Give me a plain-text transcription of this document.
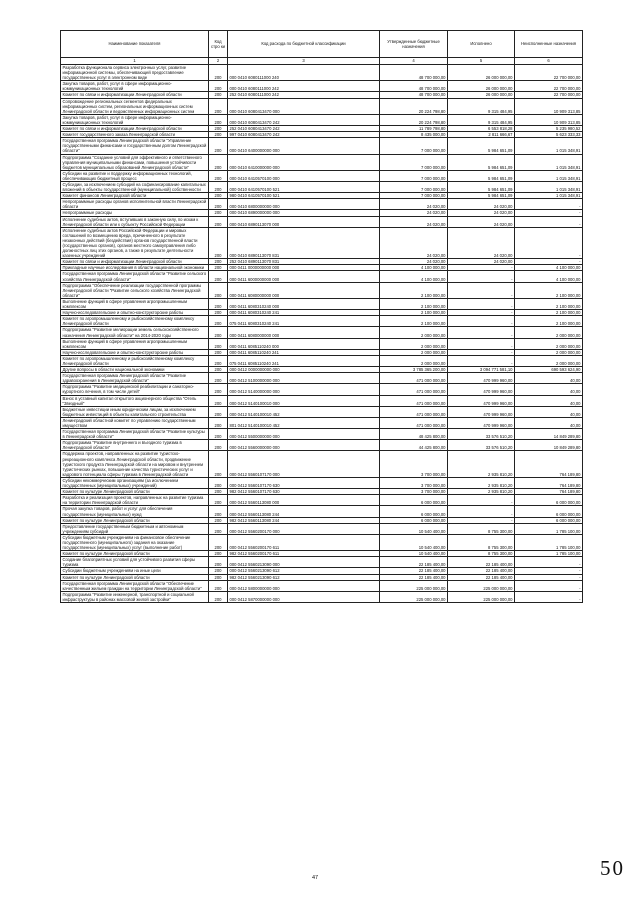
Наименование показателя	Код стро ки	Код расхода по бюджетной классификации	Утвержденные бюджетные назначения	Исполнено	Неисполненные назначения
1	2	3	4	5	6
Разработка функционала сервиса электронных услуг, развитие информационной системы, обеспечивающей предоставление государственных услуг в электронном виде	200	000 0410 6080111000 240	48 700 000,00	26 000 000,00	22 700 000,00
Закупка товаров, работ, услуг в сфере информационно-коммуникационных технологий	200	000 0410 6080111000 242	48 700 000,00	26 000 000,00	22 700 000,00
Комитет по связи и информатизации Ленинградской области	200	252 0410 6080111000 242	48 700 000,00	26 000 000,00	22 700 000,00
Сопровождение региональных сегментов федеральных информационных систем, региональных информационных систем Ленинградской области и ведомственных информационных систем	200	000 0410 6080413470 000	20 224 798,80	9 315 484,95	10 909 313,85
Закупка товаров, работ, услуг в сфере информационно-коммуникационных технологий	200	000 0410 6080413470 242	20 224 798,80	9 315 484,95	10 909 313,85
Комитет по связи и информатизации Ленинградской области	200	252 0410 6080413470 242	11 789 798,80	6 553 818,28	5 235 980,52
Комитет государственного заказа Ленинградской области	200	997 0410 6080413470 242	8 435 000,00	2 811 666,67	5 623 333,33
Государственная программа Ленинградской области "Управление государственными финансами и государственным долгом Ленинградской области"	200	000 0410 6400000000 000	7 000 000,00	5 984 651,09	1 015 348,91
Подпрограмма "Создание условий для эффективного и ответственного управления муниципальными финансами, повышения устойчивости бюджетов муниципальных образований Ленинградской области"	200	000 0410 6410000000 000	7 000 000,00	5 984 651,09	1 015 348,91
Субсидии на развитие и поддержку информационных технологий, обеспечивающих бюджетный процесс	200	000 0410 6410570100 000	7 000 000,00	5 984 651,09	1 015 348,91
Субсидии, за исключением субсидий на софинансирование капитальных вложений в объекты государственной (муниципальной) собственности	200	000 0410 6410570100 521	7 000 000,00	5 984 651,09	1 015 348,91
Комитет финансов Ленинградской области	200	980 0410 6410570100 521	7 000 000,00	5 984 651,09	1 015 348,91
Непрограммные расходы органов исполнительной власти Ленинградской области	200	000 0410 6800000000 000	24 020,00	24 020,00	-
Непрограммные расходы	200	000 0410 6890000000 000	24 020,00	24 020,00	-
Исполнение судебных актов, вступивших в законную силу, по искам к Ленинградской области или к субъекту Российской Федерации	200	000 0410 6890113070 000	24 020,00	24 020,00	-
Исполнение судебных актов Российской Федерации и мировых соглашений по возмещению вреда, причиненного в результате незаконных действий (бездействия) органов государственной власти (государственных органов), органов местного самоуправления либо должностных лиц этих органов, а также в результате деятельности казенных учреждений	200	000 0410 6890113070 831	24 020,00	24 020,00	-
Комитет по связи и информатизации Ленинградской области	200	252 0410 6890113070 831	24 020,00	24 020,00	-
Прикладные научные исследования в области национальной экономики	200	000 0411 0000000000 000	4 100 000,00	-	4 100 000,00
Государственная программа Ленинградской области "Развитие сельского хозяйства Ленинградской области"	200	000 0411 6000000000 000	4 100 000,00	-	4 100 000,00
Подпрограмма "Обеспечение реализации государственной программы Ленинградской области "Развитие сельского хозяйства Ленинградской области"	200	000 0411 6080000000 000	2 100 000,00	-	2 100 000,00
Выполнение функций в сфере управления агропромышленным комплексом	200	000 0411 6080310240 000	2 100 000,00	-	2 100 000,00
Научно-исследовательские и опытно-конструкторские работы	200	000 0411 6080310240 241	2 100 000,00	-	2 100 000,00
Комитет по агропромышленному и рыбохозяйственному комплексу Ленинградской области	200	075 0411 6080310240 241	2 100 000,00	-	2 100 000,00
Подпрограмма "Развитие мелиорации земель сельскохозяйственного назначения Ленинградской области" на 2014-2020 годы	200	000 0411 6080000000 000	2 000 000,00	-	2 000 000,00
Выполнение функций в сфере управления агропромышленным комплексом	200	000 0411 6085110240 000	2 000 000,00	-	2 000 000,00
Научно-исследовательские и опытно-конструкторские работы	200	000 0411 6085110240 241	2 000 000,00	-	2 000 000,00
Комитет по агропромышленному и рыбохозяйственному комплексу Ленинградской области	200	075 0411 6085110240 241	2 000 000,00	-	2 000 000,00
Другие вопросы в области национальной экономики	200	000 0412 0000000000 000	3 785 365 200,00	3 094 771 581,10	690 593 624,90
Государственная программа Ленинградской области "Развитие здравоохранения в Ленинградской области"	200	000 0412 5100000000 000	471 000 000,00	470 999 960,00	40,00
Подпрограмма "Развитие медицинской реабилитации и санаторно-курортного лечения, в том числе детей"	200	000 0412 5140000000 000	471 000 000,00	470 999 960,00	40,00
Взнос в уставный капитал открытого акционерного общества "Отель "Звездный"	200	000 0412 5140100010 000	471 000 000,00	470 999 960,00	40,00
Бюджетные инвестиции иным юридическим лицам, за исключением бюджетных инвестиций в объекты капитального строительства	200	000 0412 5140100010 452	471 000 000,00	470 999 960,00	40,00
Ленинградский областной комитет по управлению государственным имуществом	200	801 0412 5140100010 452	471 000 000,00	470 999 960,00	40,00
Государственная программа Ленинградской области "Развитие культуры в Ленинградской области"	200	000 0412 5500000000 000	48 425 800,00	33 576 510,20	14 849 289,80
Подпрограмма "Развитие внутреннего и въездного туризма в Ленинградской области"	200	000 0412 5560000000 000	44 425 800,00	33 576 510,20	10 849 289,80
Поддержка проектов, направленных на развитие туристско-рекреационного комплекса Ленинградской области, продвижение туристского продукта Ленинградской области на мировом и внутреннем туристических рынках, повышение качества туристических услуг и кадрового потенциала сферы туризма в Ленинградской области	200	000 0412 5560107170 000	3 700 000,00	2 935 810,20	764 189,80
Субсидии некоммерческим организациям (за исключением государственных (муниципальных) учреждений)	200	000 0412 5560107170 630	3 700 000,00	2 935 810,20	764 189,80
Комитет по культуре Ленинградской области	200	982 0412 5560107170 630	3 700 000,00	2 935 810,20	764 189,80
Разработка и реализация проектов, направленных на развитие туризма на территории Ленинградской области	200	000 0412 5560113080 000	6 000 000,00	-	6 000 000,00
Прочая закупка товаров, работ и услуг для обеспечения государственных (муниципальных) нужд	200	000 0412 5560113080 244	6 000 000,00	-	6 000 000,00
Комитет по культуре Ленинградской области	200	982 0412 5560113080 244	6 000 000,00	-	6 000 000,00
Предоставление государственным бюджетным и автономным учреждениям субсидий	200	000 0412 5560200170 000	10 540 400,00	8 755 300,00	1 785 100,00
Субсидии бюджетным учреждениям на финансовое обеспечение государственного (муниципального) задания на оказание государственных (муниципальных) услуг (выполнение работ)	200	000 0412 5560200170 611	10 540 400,00	8 755 300,00	1 785 100,00
Комитет по культуре Ленинградской области	200	982 0412 5560200170 611	10 540 400,00	8 755 300,00	1 785 100,00
Создание благоприятных условий для устойчивого развития сферы туризма	200	000 0412 5560213090 000	22 185 400,00	22 185 400,00	-
Субсидии бюджетным учреждениям на иные цели	200	000 0412 5560213090 612	22 185 400,00	22 185 400,00	-
Комитет по культуре Ленинградской области	200	982 0412 5560213090 612	22 185 400,00	22 185 400,00	-
Государственная программа Ленинградской области "Обеспечение качественным жильем граждан на территории Ленинградской области"	200	000 0412 5800000000 000	225 000 000,00	225 000 000,00	-
Подпрограмма "Развитие инженерной, транспортной и социальной инфраструктуры в районах массовой жилой застройки"	200	000 0412 5870000000 000	225 000 000,00	225 000 000,00	-
47	50
